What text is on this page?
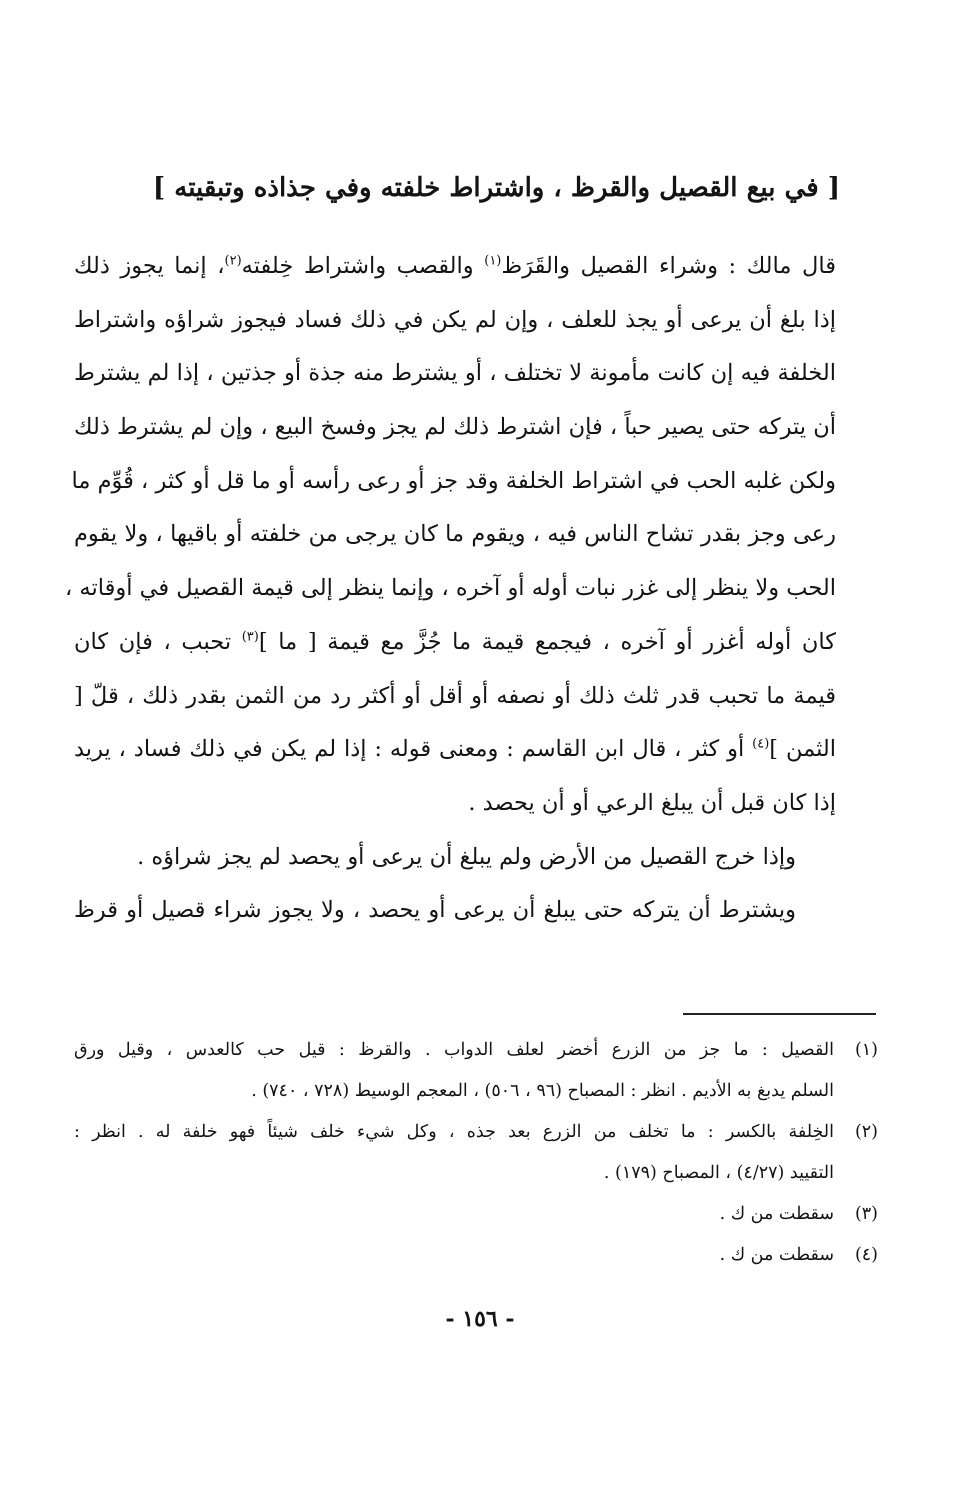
[ في بيع القصيل والقرظ ، واشتراط خلفته وفي جذاذه وتبقيته ]
قال مالك : وشراء القصيل والقَرَظ$^{(١)}$ والقصب واشتراط خِلفته$^{(٢)}$، إنما يجوز ذلك
إذا بلغ أن يرعى أو يجذ للعلف ، وإن لم يكن في ذلك فساد فيجوز شراؤه واشتراط
الخلفة فيه إن كانت مأمونة لا تختلف ، أو يشترط منه جذة أو جذتين ، إذا لم يشترط
أن يتركه حتى يصير حباً ، فإن اشترط ذلك لم يجز وفسخ البيع ، وإن لم يشترط ذلك
ولكن غلبه الحب في اشتراط الخلفة وقد جز أو رعى رأسه أو ما قل أو كثر ، قُوِّم ما
رعى وجز بقدر تشاح الناس فيه ، ويقوم ما كان يرجى من خلفته أو باقيها ، ولا يقوم
الحب ولا ينظر إلى غزر نبات أوله أو آخره ، وإنما ينظر إلى قيمة القصيل في أوقاته ،
كان أوله أغزر أو آخره ، فيجمع قيمة ما جُزَّ مع قيمة [ ما ]$^{(٣)}$ تحبب ، فإن كان
قيمة ما تحبب قدر ثلث ذلك أو نصفه أو أقل أو أكثر رد من الثمن بقدر ذلك ، قلّ [
الثمن ]$^{(٤)}$ أو كثر ، قال ابن القاسم : ومعنى قوله : إذا لم يكن في ذلك فساد ، يريد
إذا كان قبل أن يبلغ الرعي أو أن يحصد .
وإذا خرج القصيل من الأرض ولم يبلغ أن يرعى أو يحصد لم يجز شراؤه .
ويشترط أن يتركه حتى يبلغ أن يرعى أو يحصد ، ولا يجوز شراء قصيل أو قرظ
(١)القصيل : ما جز من الزرع أخضر لعلف الدواب . والقرظ : قيل حب كالعدس ، وقيل ورق
السلم يدبغ به الأديم . انظر : المصباح (٩٦ ، ٥٠٦) ، المعجم الوسيط (٧٢٨ ، ٧٤٠) .
(٢)الخِلفة بالكسر : ما تخلف من الزرع بعد جذه ، وكل شيء خلف شيئاً فهو خلفة له . انظر :
التقييد (٤/٢٧) ، المصباح (١٧٩) .
(٣)سقطت من ك .
(٤)سقطت من ك .
- ١٥٦ -
